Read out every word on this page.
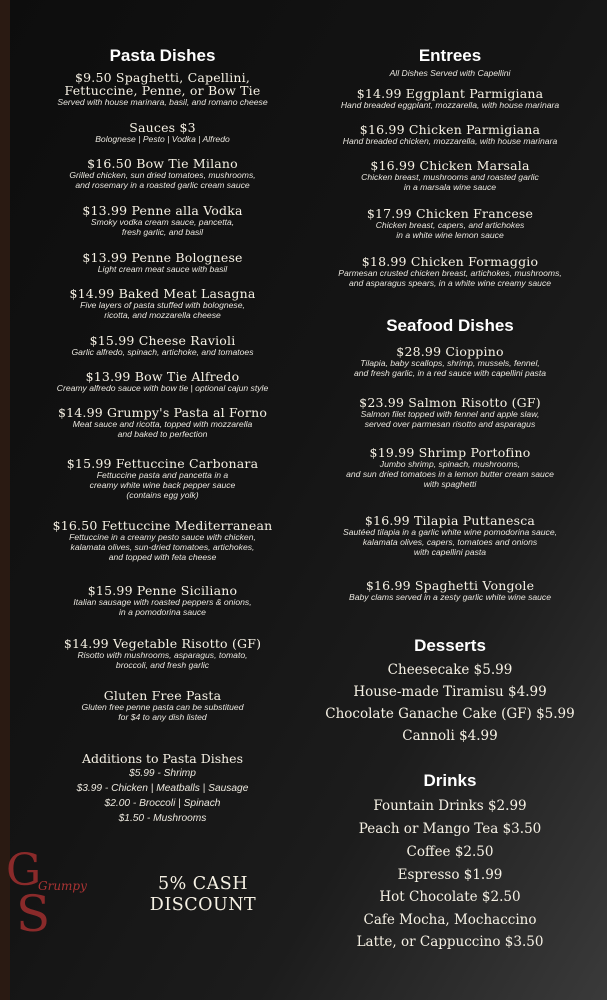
Pasta Dishes
$9.50 Spaghetti, Capellini,
Fettuccine, Penne, or Bow Tie
Served with house marinara, basil, and romano cheese
Sauces $3
Bolognese | Pesto | Vodka | Alfredo
$16.50 Bow Tie Milano
Grilled chicken, sun dried tomatoes, mushrooms,
and rosemary in a roasted garlic cream sauce
$13.99 Penne alla Vodka
Smoky vodka cream sauce, pancetta,
fresh garlic, and basil
$13.99 Penne Bolognese
Light cream meat sauce with basil
$14.99 Baked Meat Lasagna
Five layers of pasta stuffed with bolognese,
ricotta, and mozzarella cheese
$15.99 Cheese Ravioli
Garlic alfredo, spinach, artichoke, and tomatoes
$13.99 Bow Tie Alfredo
Creamy alfredo sauce with bow tie | optional cajun style
$14.99 Grumpy's Pasta al Forno
Meat sauce and ricotta, topped with mozzarella
and baked to perfection
$15.99 Fettuccine Carbonara
Fettuccine pasta and pancetta in a
creamy white wine back pepper sauce
(contains egg yolk)
$16.50 Fettuccine Mediterranean
Fettuccine in a creamy pesto sauce with chicken,
kalamata olives, sun-dried tomatoes, artichokes,
and topped with feta cheese
$15.99 Penne Siciliano
Italian sausage with roasted peppers & onions,
in a pomodorina sauce
$14.99 Vegetable Risotto (GF)
Risotto with mushrooms, asparagus, tomato,
broccoli, and fresh garlic
Gluten Free Pasta
Gluten free penne pasta can be substitued
for $4 to any dish listed
Additions to Pasta Dishes
$5.99 - Shrimp
$3.99 - Chicken | Meatballs | Sausage
$2.00 - Broccoli | Spinach
$1.50 - Mushrooms
Entrees
All Dishes Served with Capellini
$14.99 Eggplant Parmigiana
Hand breaded eggplant, mozzarella, with house marinara
$16.99 Chicken Parmigiana
Hand breaded chicken, mozzarella, with house marinara
$16.99 Chicken Marsala
Chicken breast, mushrooms and roasted garlic
in a marsala wine sauce
$17.99 Chicken Francese
Chicken breast, capers, and artichokes
in a white wine lemon sauce
$18.99 Chicken Formaggio
Parmesan crusted chicken breast, artichokes, mushrooms,
and asparagus spears, in a white wine creamy sauce
Seafood Dishes
$28.99 Cioppino
Tilapia, baby scallops, shrimp, mussels, fennel,
and fresh garlic, in a red sauce with capellini pasta
$23.99 Salmon Risotto (GF)
Salmon filet topped with fennel and apple slaw,
served over parmesan risotto and asparagus
$19.99 Shrimp Portofino
Jumbo shrimp, spinach, mushrooms,
and sun dried tomatoes in a lemon butter cream sauce
with spaghetti
$16.99 Tilapia Puttanesca
Sautéed tilapia in a garlic white wine pomodorina sauce,
kalamata olives, capers, tomatoes and onions
with capellini pasta
$16.99 Spaghetti Vongole
Baby clams served in a zesty garlic white wine sauce
Desserts
Cheesecake $5.99
House-made Tiramisu $4.99
Chocolate Ganache Cake (GF) $5.99
Cannoli $4.99
Drinks
Fountain Drinks $2.99
Peach or Mango Tea $3.50
Coffee $2.50
Espresso $1.99
Hot Chocolate $2.50
Cafe Mocha, Mochaccino
Latte, or Cappuccino $3.50
G
Grumpy
S
5% CASH
DISCOUNT
